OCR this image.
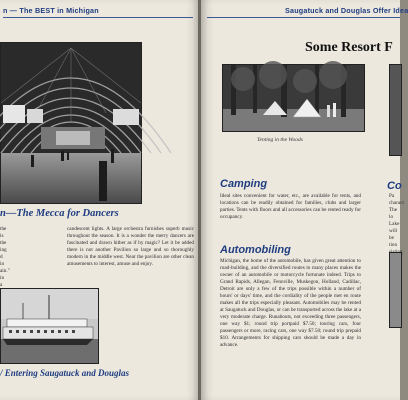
n — The BEST in Michigan
n—The Mecca for Dancers
the is the ing d in ain." in a
candescent lights. A large orchestra furnishes superb music throughout the season. It is a wonder the merry dancers are fascinated and drawn hither as if by magic? Let it be added there is not another Pavilion so large and so thoroughly modern in the middle west. Near the pavilion are other clean amusements to interest, amuse and enjoy.
/ Entering Saugatuck and Douglas
Saugatuck and Douglas Offer Idea
Some Resort F
Tenting in the Woods
Camping
Ideal sites convenient for water, etc., are available for tents, and locations can be readily obtained for families, clubs and larger parties. Tents with floors and all accessories can be rented ready for occupancy.
Automobiling
Michigan, the home of the automobile, has given great attention to road-building, and the diversified routes to many places makes the owner of an automobile or motorcycle fortunate indeed. Trips to Grand Rapids, Allegan, Fennville, Muskegon, Holland, Cadillac, Detroit are only a few of the trips possible within a number of hours' or days' time, and the cordiality of the people met en route makes all the trips especially pleasant. Automobiles may be rented at Saugatuck and Douglas, or can be transported across the lake at a very moderate charge. Runabouts, not exceeding three passengers, one way $1; round trip portpaid $7.50; touring cars, four passengers or more, racing cars, one way $7.50; round trip prepaid $10. Arrangements for shipping cars should be made a day in advance.
Co
Pa charact The lo Lake will be tion
